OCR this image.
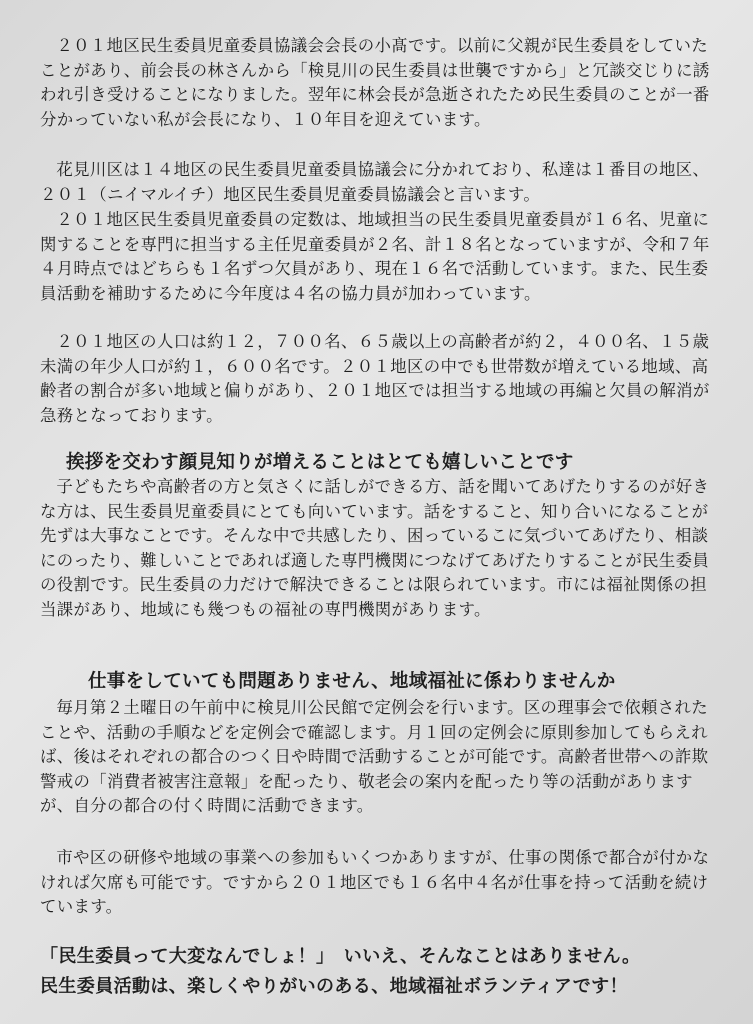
２０１地区民生委員児童委員協議会会長の小髙です。以前に父親が民生委員をしていたことがあり、前会長の林さんから「検見川の民生委員は世襲ですから」と冗談交じりに誘われ引き受けることになりました。翌年に林会長が急逝されたため民生委員のことが一番分かっていない私が会長になり、１０年目を迎えています。

花見川区は１４地区の民生委員児童委員協議会に分かれており、私達は１番目の地区、２０１（ニイマルイチ）地区民生委員児童委員協議会と言います。

２０１地区民生委員児童委員の定数は、地域担当の民生委員児童委員が１６名、児童に関することを専門に担当する主任児童委員が２名、計１８名となっていますが、令和７年４月時点ではどちらも１名ずつ欠員があり、現在１６名で活動しています。また、民生委員活動を補助するために今年度は４名の協力員が加わっています。

２０１地区の人口は約１２，７００名、６５歳以上の高齢者が約２，４００名、１５歳未満の年少人口が約１，６００名です。２０１地区の中でも世帯数が増えている地域、高齢者の割合が多い地域と偏りがあり、２０１地区では担当する地域の再編と欠員の解消が急務となっております。

挨拶を交わす顔見知りが増えることはとても嬉しいことです

子どもたちや高齢者の方と気さくに話しができる方、話を聞いてあげたりするのが好きな方は、民生委員児童委員にとても向いています。話をすること、知り合いになることが先ずは大事なことです。そんな中で共感したり、困っているこに気づいてあげたり、相談にのったり、難しいことであれば適した専門機関につなげてあげたりすることが民生委員の役割です。民生委員の力だけで解決できることは限られています。市には福祉関係の担当課があり、地域にも幾つもの福祉の専門機関があります。

仕事をしていても問題ありません、地域福祉に係わりませんか

毎月第２土曜日の午前中に検見川公民館で定例会を行います。区の理事会で依頼されたことや、活動の手順などを定例会で確認します。月１回の定例会に原則参加してもらえれば、後はそれぞれの都合のつく日や時間で活動することが可能です。高齢者世帯への詐欺警戒の「消費者被害注意報」を配ったり、敬老会の案内を配ったり等の活動がありますが、自分の都合の付く時間に活動できます。

市や区の研修や地域の事業への参加もいくつかありますが、仕事の関係で都合が付かなければ欠席も可能です。ですから２０１地区でも１６名中４名が仕事を持って活動を続けています。

「民生委員って大変なんでしょ！」　いいえ、そんなことはありません。

民生委員活動は、楽しくやりがいのある、地域福祉ボランティアです！
